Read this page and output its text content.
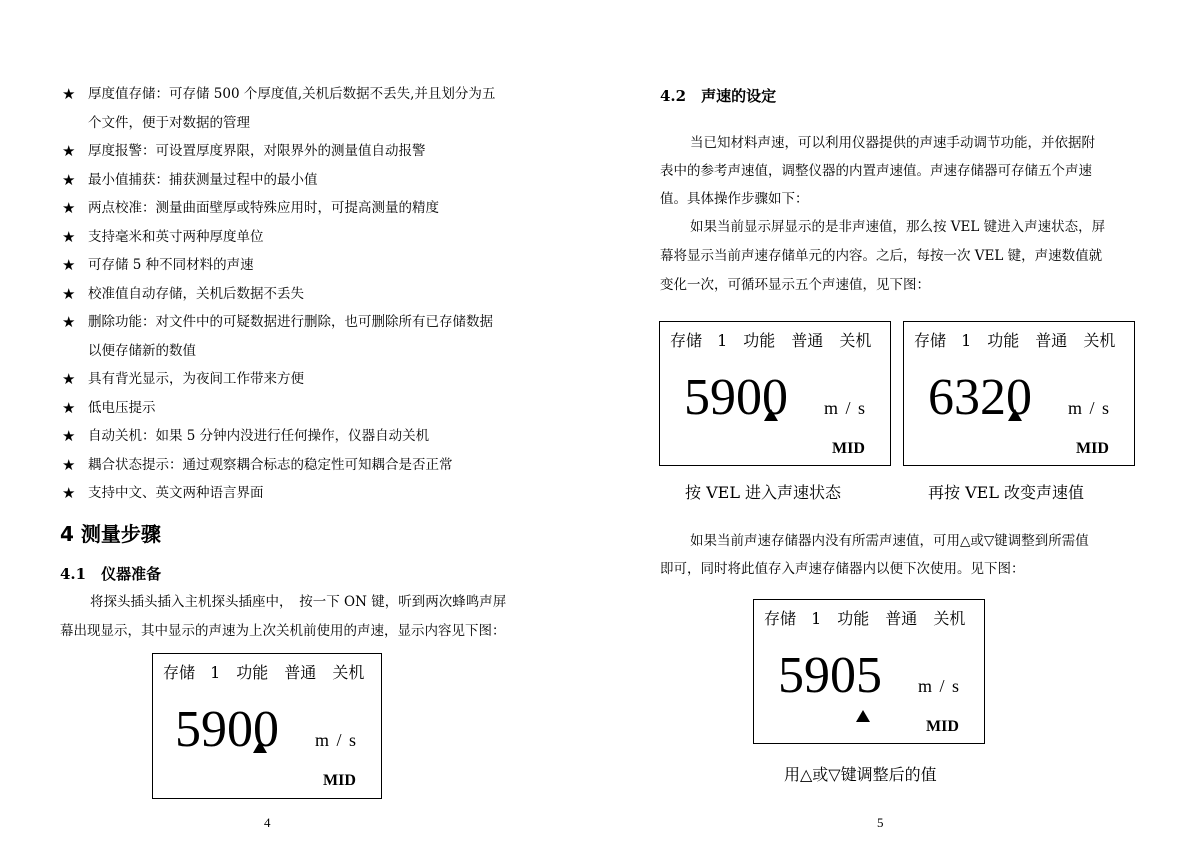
★ 厚度值存储：可存储 500 个厚度值,关机后数据不丢失,并且划分为五
个文件，便于对数据的管理
★ 厚度报警：可设置厚度界限，对限界外的测量值自动报警
★ 最小值捕获：捕获测量过程中的最小值
★ 两点校准：测量曲面壁厚或特殊应用时，可提高测量的精度
★ 支持毫米和英寸两种厚度单位
★ 可存储 5 种不同材料的声速
★ 校准值自动存储，关机后数据不丢失
★ 删除功能：对文件中的可疑数据进行删除，也可删除所有已存储数据
以便存储新的数值
★ 具有背光显示，为夜间工作带来方便
★ 低电压提示
★ 自动关机：如果 5 分钟内没进行任何操作，仪器自动关机
★ 耦合状态提示：通过观察耦合标志的稳定性可知耦合是否正常
★ 支持中文、英文两种语言界面
4 测量步骤
4.1　仪器准备
将探头插头插入主机探头插座中，　按一下 ON 键，听到两次蜂鸣声屏
幕出现显示，其中显示的声速为上次关机前使用的声速，显示内容见下图：
存储 1 功能 普通 关机
5900 m / s
MID
4
4.2　声速的设定
当已知材料声速，可以利用仪器提供的声速手动调节功能，并依据附
表中的参考声速值，调整仪器的内置声速值。声速存储器可存储五个声速
值。具体操作步骤如下：
如果当前显示屏显示的是非声速值，那么按 VEL 键进入声速状态，屏
幕将显示当前声速存储单元的内容。之后，每按一次 VEL 键，声速数值就
变化一次，可循环显示五个声速值，见下图：
存储 1 功能 普通 关机
5900 m / s
MID
存储 1 功能 普通 关机
6320 m / s
MID
按 VEL 进入声速状态	再按 VEL 改变声速值
如果当前声速存储器内没有所需声速值，可用△或▽键调整到所需值
即可，同时将此值存入声速存储器内以便下次使用。见下图：
存储 1 功能 普通 关机
5905 m / s
MID
用△或▽键调整后的值
5
